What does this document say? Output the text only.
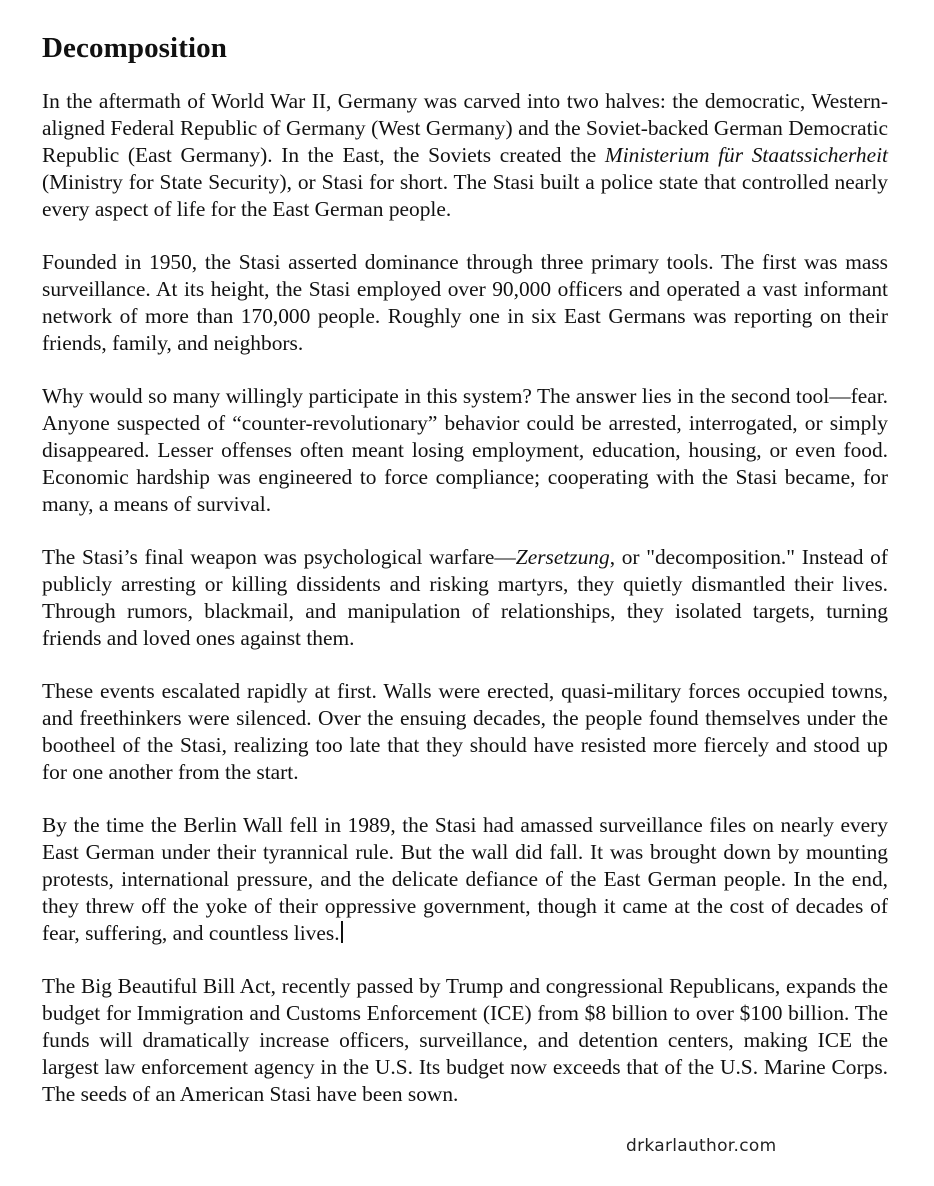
Decomposition

In the aftermath of World War II, Germany was carved into two halves: the democratic, Western-aligned Federal Republic of Germany (West Germany) and the Soviet-backed German Democratic Republic (East Germany). In the East, the Soviets created the Ministerium für Staatssicherheit (Ministry for State Security), or Stasi for short. The Stasi built a police state that controlled nearly every aspect of life for the East German people.

Founded in 1950, the Stasi asserted dominance through three primary tools. The first was mass surveillance. At its height, the Stasi employed over 90,000 officers and operated a vast informant network of more than 170,000 people. Roughly one in six East Germans was reporting on their friends, family, and neighbors.

Why would so many willingly participate in this system? The answer lies in the second tool—fear. Anyone suspected of “counter-revolutionary” behavior could be arrested, interrogated, or simply disappeared. Lesser offenses often meant losing employment, education, housing, or even food. Economic hardship was engineered to force compliance; cooperating with the Stasi became, for many, a means of survival.

The Stasi’s final weapon was psychological warfare—Zersetzung, or "decomposition." Instead of publicly arresting or killing dissidents and risking martyrs, they quietly dismantled their lives. Through rumors, blackmail, and manipulation of relationships, they isolated targets, turning friends and loved ones against them.

These events escalated rapidly at first. Walls were erected, quasi-military forces occupied towns, and freethinkers were silenced. Over the ensuing decades, the people found themselves under the bootheel of the Stasi, realizing too late that they should have resisted more fiercely and stood up for one another from the start.

By the time the Berlin Wall fell in 1989, the Stasi had amassed surveillance files on nearly every East German under their tyrannical rule. But the wall did fall. It was brought down by mounting protests, international pressure, and the delicate defiance of the East German people. In the end, they threw off the yoke of their oppressive government, though it came at the cost of decades of fear, suffering, and countless lives.

The Big Beautiful Bill Act, recently passed by Trump and congressional Republicans, expands the budget for Immigration and Customs Enforcement (ICE) from $8 billion to over $100 billion. The funds will dramatically increase officers, surveillance, and detention centers, making ICE the largest law enforcement agency in the U.S. Its budget now exceeds that of the U.S. Marine Corps. The seeds of an American Stasi have been sown.

drkarlauthor.com
